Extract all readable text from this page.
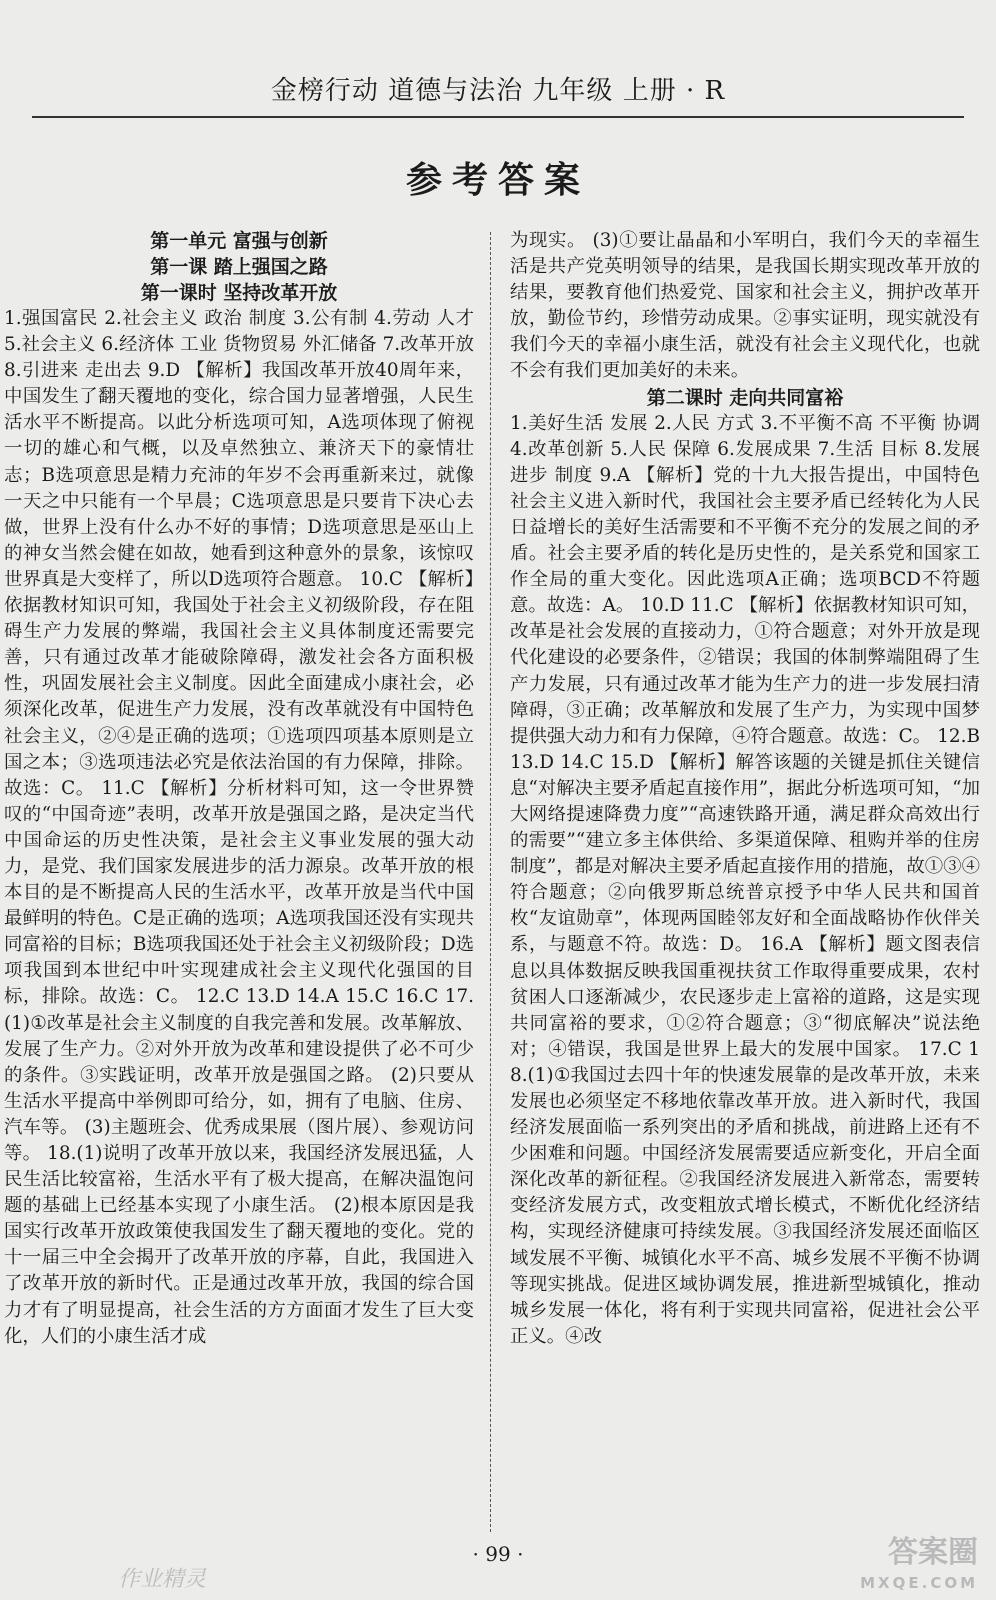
金榜行动 道德与法治 九年级 上册 · R
参考答案

第一单元 富强与创新

第一课 踏上强国之路

第一课时 坚持改革开放

1.强国富民 2.社会主义 政治 制度 3.公有制 4.劳动 人才 5.社会主义 6.经济体 工业 货物贸易 外汇储备 7.改革开放 8.引进来 走出去 9.D 【解析】我国改革开放40周年来，中国发生了翻天覆地的变化，综合国力显著增强，人民生活水平不断提高。以此分析选项可知，A选项体现了俯视一切的雄心和气概，以及卓然独立、兼济天下的豪情壮志；B选项意思是精力充沛的年岁不会再重新来过，就像一天之中只能有一个早晨；C选项意思是只要肯下决心去做，世界上没有什么办不好的事情；D选项意思是巫山上的神女当然会健在如故，她看到这种意外的景象，该惊叹世界真是大变样了，所以D选项符合题意。 10.C 【解析】依据教材知识可知，我国处于社会主义初级阶段，存在阻碍生产力发展的弊端，我国社会主义具体制度还需要完善，只有通过改革才能破除障碍，激发社会各方面积极性，巩固发展社会主义制度。因此全面建成小康社会，必须深化改革，促进生产力发展，没有改革就没有中国特色社会主义，②④是正确的选项；①选项四项基本原则是立国之本；③选项违法必究是依法治国的有力保障，排除。故选：C。 11.C 【解析】分析材料可知，这一令世界赞叹的“中国奇迹”表明，改革开放是强国之路，是决定当代中国命运的历史性决策，是社会主义事业发展的强大动力，是党、我们国家发展进步的活力源泉。改革开放的根本目的是不断提高人民的生活水平，改革开放是当代中国最鲜明的特色。C是正确的选项；A选项我国还没有实现共同富裕的目标；B选项我国还处于社会主义初级阶段；D选项我国到本世纪中叶实现建成社会主义现代化强国的目标，排除。故选：C。 12.C 13.D 14.A 15.C 16.C 17.(1)①改革是社会主义制度的自我完善和发展。改革解放、发展了生产力。②对外开放为改革和建设提供了必不可少的条件。③实践证明，改革开放是强国之路。 (2)只要从生活水平提高中举例即可给分，如，拥有了电脑、住房、汽车等。 (3)主题班会、优秀成果展（图片展）、参观访问等。 18.(1)说明了改革开放以来，我国经济发展迅猛，人民生活比较富裕，生活水平有了极大提高，在解决温饱问题的基础上已经基本实现了小康生活。 (2)根本原因是我国实行改革开放政策使我国发生了翻天覆地的变化。党的十一届三中全会揭开了改革开放的序幕，自此，我国进入了改革开放的新时代。正是通过改革开放，我国的综合国力才有了明显提高，社会生活的方方面面才发生了巨大变化，人们的小康生活才成

为现实。 (3)①要让晶晶和小军明白，我们今天的幸福生活是共产党英明领导的结果，是我国长期实现改革开放的结果，要教育他们热爱党、国家和社会主义，拥护改革开放，勤俭节约，珍惜劳动成果。②事实证明，现实就没有我们今天的幸福小康生活，就没有社会主义现代化，也就不会有我们更加美好的未来。

第二课时 走向共同富裕

1.美好生活 发展 2.人民 方式 3.不平衡不高 不平衡 协调 4.改革创新 5.人民 保障 6.发展成果 7.生活 目标 8.发展 进步 制度 9.A 【解析】党的十九大报告提出，中国特色社会主义进入新时代，我国社会主要矛盾已经转化为人民日益增长的美好生活需要和不平衡不充分的发展之间的矛盾。社会主要矛盾的转化是历史性的，是关系党和国家工作全局的重大变化。因此选项A正确；选项BCD不符题意。故选：A。 10.D 11.C 【解析】依据教材知识可知，改革是社会发展的直接动力，①符合题意；对外开放是现代化建设的必要条件，②错误；我国的体制弊端阻碍了生产力发展，只有通过改革才能为生产力的进一步发展扫清障碍，③正确；改革解放和发展了生产力，为实现中国梦提供强大动力和有力保障，④符合题意。故选：C。 12.B 13.D 14.C 15.D 【解析】解答该题的关键是抓住关键信息“对解决主要矛盾起直接作用”，据此分析选项可知，“加大网络提速降费力度”“高速铁路开通，满足群众高效出行的需要”“建立多主体供给、多渠道保障、租购并举的住房制度”，都是对解决主要矛盾起直接作用的措施，故①③④符合题意；②向俄罗斯总统普京授予中华人民共和国首枚“友谊勋章”，体现两国睦邻友好和全面战略协作伙伴关系，与题意不符。故选：D。 16.A 【解析】题文图表信息以具体数据反映我国重视扶贫工作取得重要成果，农村贫困人口逐渐减少，农民逐步走上富裕的道路，这是实现共同富裕的要求，①②符合题意；③“彻底解决”说法绝对；④错误，我国是世界上最大的发展中国家。 17.C 18.(1)①我国过去四十年的快速发展靠的是改革开放，未来发展也必须坚定不移地依靠改革开放。进入新时代，我国经济发展面临一系列突出的矛盾和挑战，前进路上还有不少困难和问题。中国经济发展需要适应新变化，开启全面深化改革的新征程。②我国经济发展进入新常态，需要转变经济发展方式，改变粗放式增长模式，不断优化经济结构，实现经济健康可持续发展。③我国经济发展还面临区域发展不平衡、城镇化水平不高、城乡发展不平衡不协调等现实挑战。促进区域协调发展，推进新型城镇化，推动城乡发展一体化，将有利于实现共同富裕，促进社会公平正义。④改

· 99 ·
作业精灵
答案圈
MXQE.COM
